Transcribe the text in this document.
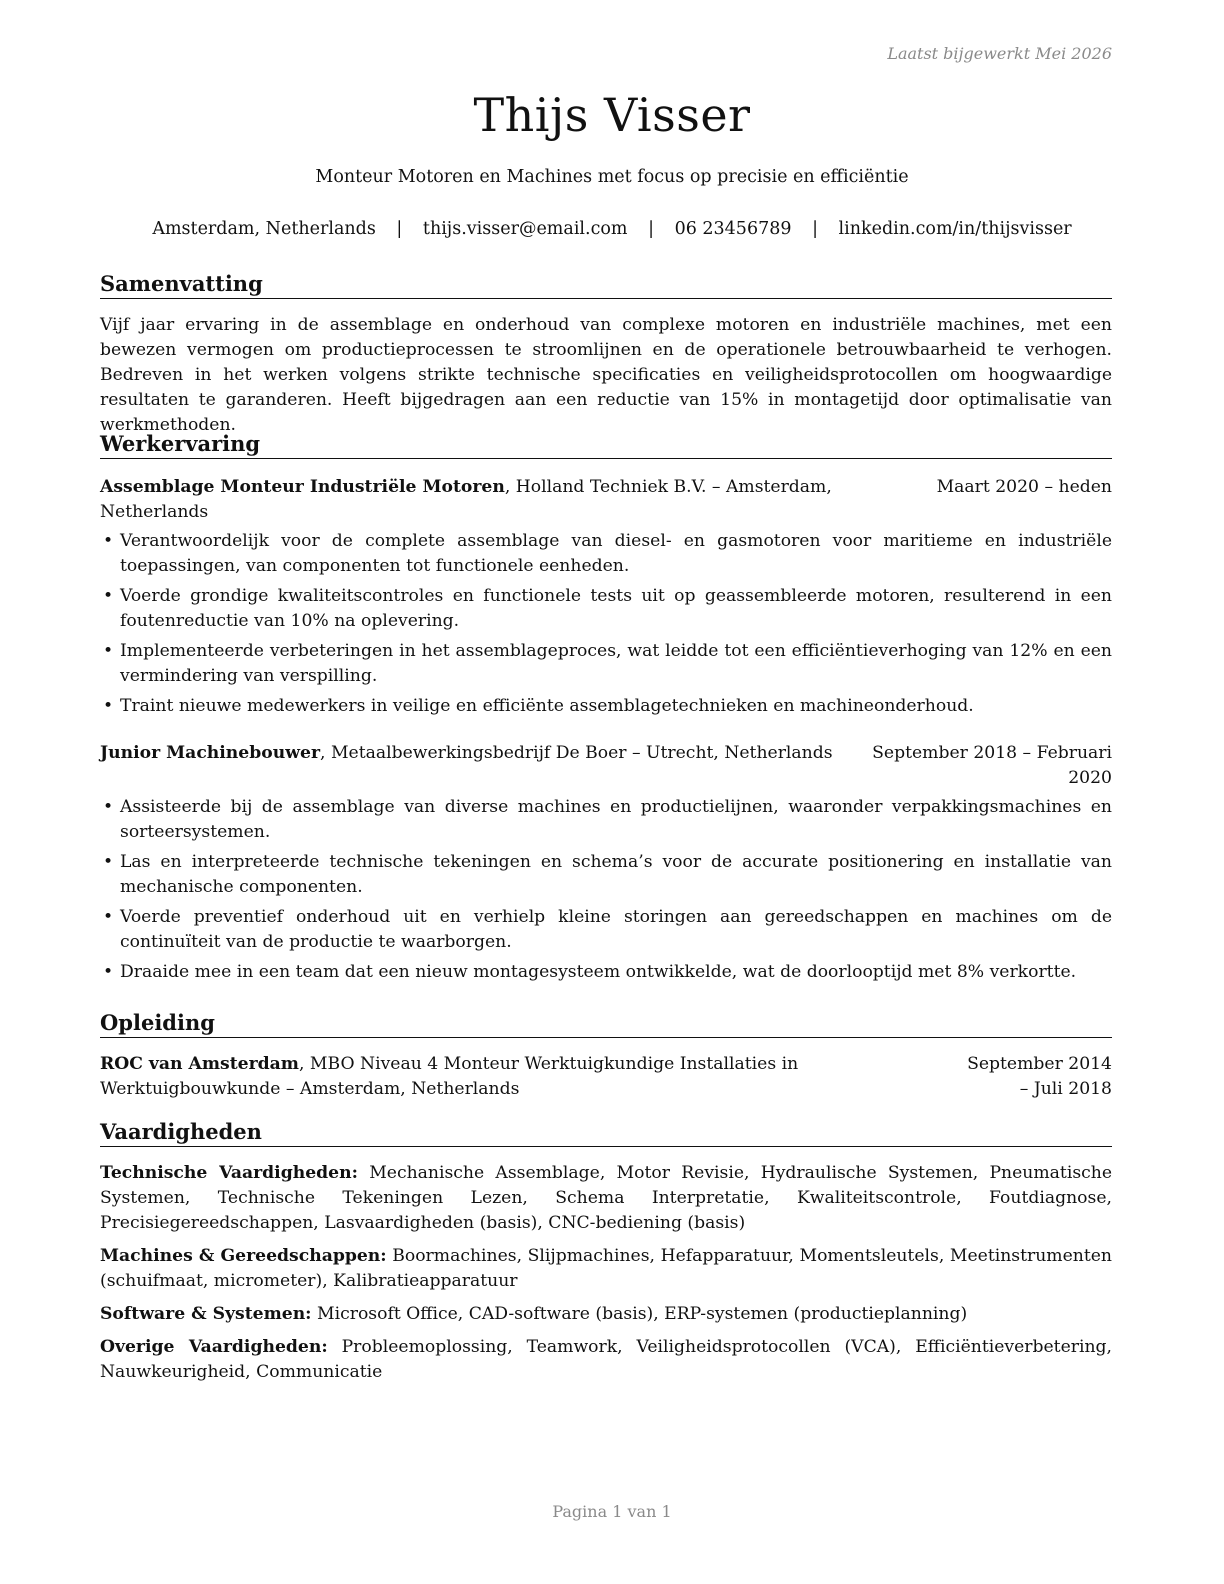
Laatst bijgewerkt Mei 2026
Thijs Visser
Monteur Motoren en Machines met focus op precisie en efficiëntie
Amsterdam, Netherlands | thijs.visser@email.com | 06 23456789 | linkedin.com/in/thijsvisser
Samenvatting

Vijf jaar ervaring in de assemblage en onderhoud van complexe motoren en industriële machines, met een bewezen vermogen om productieprocessen te stroomlijnen en de operationele betrouwbaarheid te verhogen. Bedreven in het werken volgens strikte technische specificaties en veiligheidsprotocollen om hoogwaardige resultaten te garanderen. Heeft bijgedragen aan een reductie van 15% in montagetijd door optimalisatie van werkmethoden.

Werkervaring
Assemblage Monteur Industriële Motoren, Holland Techniek B.V. – Amsterdam, Netherlands
Maart 2020 – heden
• Verantwoordelijk voor de complete assemblage van diesel- en gasmotoren voor maritieme en industriële toepassingen, van componenten tot functionele eenheden.
• Voerde grondige kwaliteitscontroles en functionele tests uit op geassembleerde motoren, resulterend in een foutenreductie van 10% na oplevering.
• Implementeerde verbeteringen in het assemblageproces, wat leidde tot een efficiëntieverhoging van 12% en een vermindering van verspilling.
• Traint nieuwe medewerkers in veilige en efficiënte assemblagetechnieken en machineonderhoud.
Junior Machinebouwer, Metaalbewerkingsbedrijf De Boer – Utrecht, Netherlands	September 2018 – Februari 2020
• Assisteerde bij de assemblage van diverse machines en productielijnen, waaronder verpakkingsmachines en sorteersystemen.
• Las en interpreteerde technische tekeningen en schema’s voor de accurate positionering en installatie van mechanische componenten.
• Voerde preventief onderhoud uit en verhielp kleine storingen aan gereedschappen en machines om de continuïteit van de productie te waarborgen.
• Draaide mee in een team dat een nieuw montagesysteem ontwikkelde, wat de doorlooptijd met 8% verkortte.
Opleiding
ROC van Amsterdam, MBO Niveau 4 Monteur Werktuigkundige Installaties in Werktuigbouwkunde – Amsterdam, Netherlands
September 2014 – Juli 2018
Vaardigheden

Technische Vaardigheden: Mechanische Assemblage, Motor Revisie, Hydraulische Systemen, Pneumatische Systemen, Technische Tekeningen Lezen, Schema Interpretatie, Kwaliteitscontrole, Foutdiagnose, Precisiegereedschappen, Lasvaardigheden (basis), CNC-bediening (basis)

Machines & Gereedschappen: Boormachines, Slijpmachines, Hefapparatuur, Momentsleutels, Meetinstrumenten (schuifmaat, micrometer), Kalibratieapparatuur

Software & Systemen: Microsoft Office, CAD-software (basis), ERP-systemen (productieplanning)

Overige Vaardigheden: Probleemoplossing, Teamwork, Veiligheidsprotocollen (VCA), Efficiëntieverbetering, Nauwkeurigheid, Communicatie

Pagina 1 van 1
